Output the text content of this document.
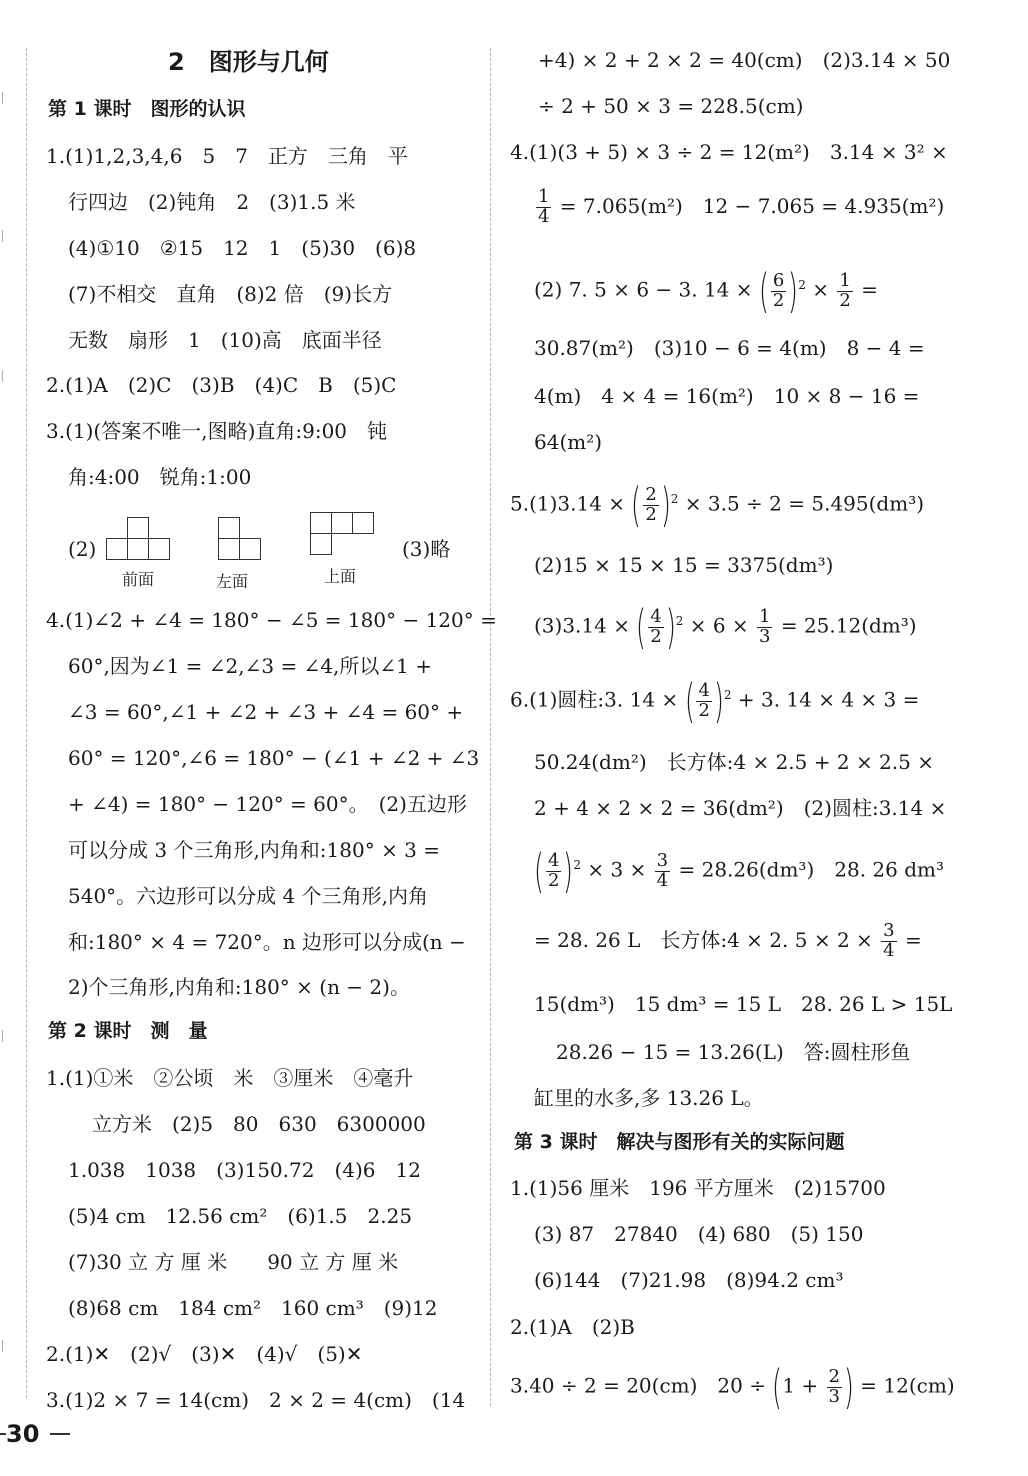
2　图形与几何
第 1 课时　图形的认识
1.(1)1,2,3,4,6　5　7　正方　三角　平
行四边　(2)钝角　2　(3)1.5 米
(4)①10　②15　12　1　(5)30　(6)8
(7)不相交　直角　(8)2 倍　(9)长方
无数　扇形　1　(10)高　底面半径
2.(1)A　(2)C　(3)B　(4)C　B　(5)C
3.(1)(答案不唯一,图略)直角:9:00　钝
角:4:00　锐角:1:00
(2)
前面	左面	上面
(3)略
4.(1)∠2 + ∠4 = 180° − ∠5 = 180° − 120° =
60°,因为∠1 = ∠2,∠3 = ∠4,所以∠1 +
∠3 = 60°,∠1 + ∠2 + ∠3 + ∠4 = 60° +
60° = 120°,∠6 = 180° − (∠1 + ∠2 + ∠3
+ ∠4) = 180° − 120° = 60°。　(2)五边形
可以分成 3 个三角形,内角和:180° × 3 =
540°。六边形可以分成 4 个三角形,内角
和:180° × 4 = 720°。n 边形可以分成(n −
2)个三角形,内角和:180° × (n − 2)。
第 2 课时　测　量
1.(1)①米　②公顷　米　③厘米　④毫升
立方米　(2)5　80　630　6300000
1.038　1038　(3)150.72　(4)6　12
(5)4 cm　12.56 cm²　(6)1.5　2.25
(7)30 立 方 厘 米　　90 立 方 厘 米
(8)68 cm　184 cm²　160 cm³　(9)12
2.(1)✕　(2)√　(3)✕　(4)√　(5)✕
3.(1)2 × 7 = 14(cm)　2 × 2 = 4(cm)　(14
+4) × 2 + 2 × 2 = 40(cm)　(2)3.14 × 50
÷ 2 + 50 × 3 = 228.5(cm)
4.(1)(3 + 5) × 3 ÷ 2 = 12(m²)　3.14 × 3² ×
$\frac{1}{4} = 7.065(m^2)$　12 − 7.065 = 4.935(m²)
(2) 7. 5 × 6 − 3. 14 × ( $\frac{6}{2} )^2 \times \frac{1}{2}$ =
30.87(m²)　(3)10 − 6 = 4(m)　8 − 4 =
4(m)　4 × 4 = 16(m²)　10 × 8 − 16 =
64(m²)
5.(1)3.14 × ( $\frac{2}{2} )^2 \times 3.5 \div 2 = 5.495(dm^3)$
(2)15 × 15 × 15 = 3375(dm³)
(3)3.14 × ( $\frac{4}{2} )^2 \times 6 \times \frac{1}{3} = 25.12(dm^3)$
6.(1)圆柱:3. 14 × ( $\frac{4}{2} )^2 + 3$. 14 × 4 × 3 =
50.24(dm²)　长方体:4 × 2.5 + 2 × 2.5 ×
2 + 4 × 2 × 2 = 36(dm²)　(2)圆柱:3.14 ×
( $\frac{4}{2} )^2 \times 3 \times \frac{3}{4} = 28.26(dm^3)$　28. 26 dm³
= 28. 26 L　长方体:4 × 2. $5 \times 2 \times \frac{3}{4}$ =
15(dm³)　15 dm³ = 15 L　28. 26 L > 15L
28.26 − 15 = 13.26(L)　答:圆柱形鱼
缸里的水多,多 13.26 L。
第 3 课时　解决与图形有关的实际问题
1.(1)56 厘米　196 平方厘米　(2)15700
(3) 87　27840　(4) 680　(5) 150
(6)144　(7)21.98　(8)94.2 cm³
2.(1)A　(2)B
3.40 ÷ 2 = 20(cm)　$20 \div (1 + \frac{2}{3}$ ) = 12(cm)
30
